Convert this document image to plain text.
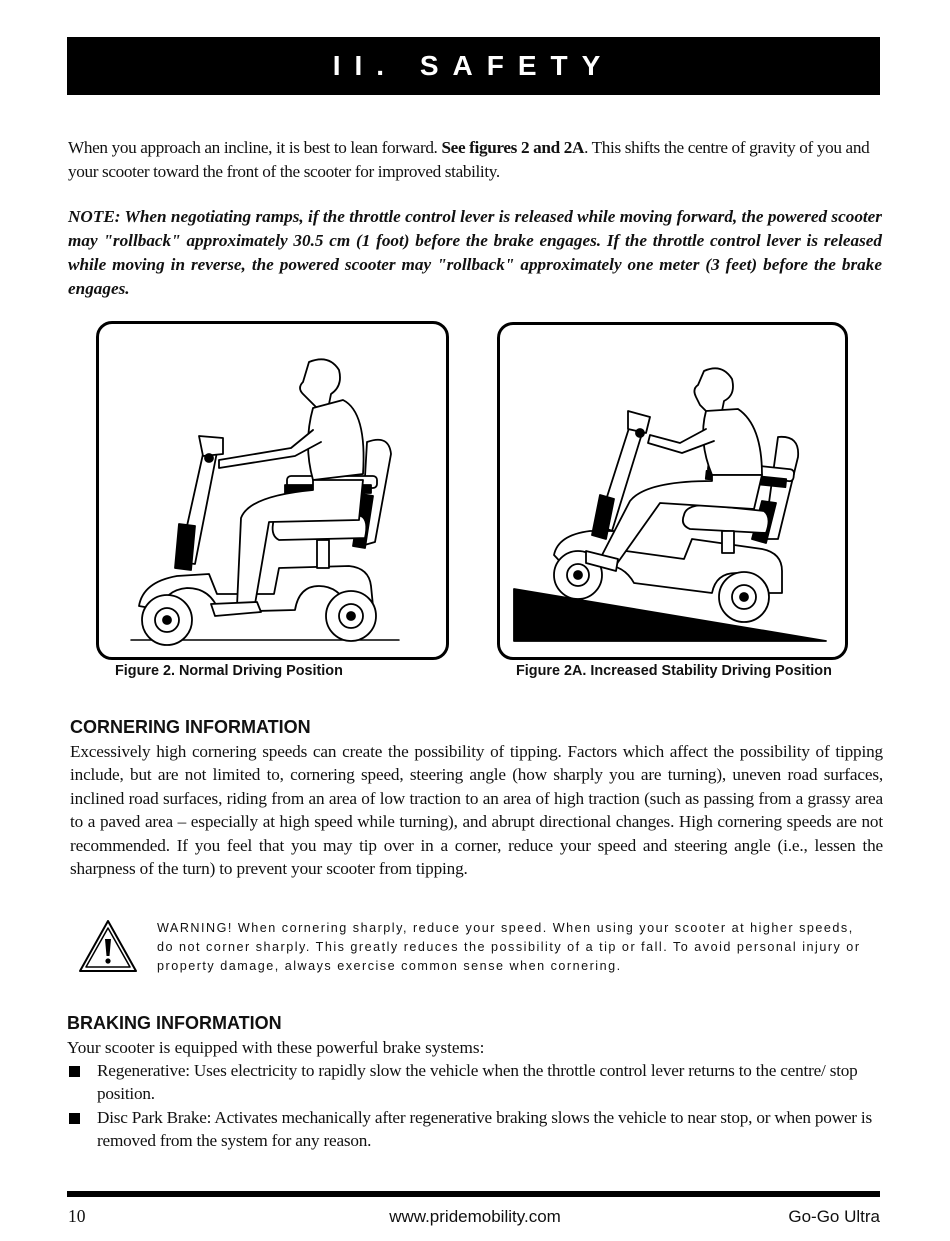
II. SAFETY

When you approach an incline, it is best to lean forward. See figures 2 and 2A. This shifts the centre of gravity of you and your scooter toward the front of the scooter for improved stability.

NOTE: When negotiating ramps, if the throttle control lever is released while moving forward, the powered scooter may "rollback" approximately 30.5 cm (1 foot) before the brake engages. If the throttle control lever is released while moving in reverse, the powered scooter may "rollback" approximately one meter (3 feet) before the brake engages.

Figure 2. Normal Driving Position	Figure 2A. Increased Stability Driving Position
CORNERING INFORMATION

Excessively high cornering speeds can create the possibility of tipping. Factors which affect the possibility of tipping include, but are not limited to, cornering speed, steering angle (how sharply you are turning), uneven road surfaces, inclined road surfaces, riding from an area of low traction to an area of high traction (such as passing from a grassy area to a paved area – especially at high speed while turning), and abrupt directional changes. High cornering speeds are not recommended. If you feel that you may tip over in a corner, reduce your speed and steering angle (i.e., lessen the sharpness of the turn) to prevent your scooter from tipping.

WARNING! When cornering sharply, reduce your speed. When using your scooter at higher speeds, do not corner sharply. This greatly reduces the possibility of a tip or fall. To avoid personal injury or property damage, always exercise common sense when cornering.

BRAKING INFORMATION

Your scooter is equipped with these powerful brake systems:

Regenerative: Uses electricity to rapidly slow the vehicle when the throttle control lever returns to the centre/ stop position.
Disc Park Brake: Activates mechanically after regenerative braking slows the vehicle to near stop, or when power is removed from the system for any reason.
10	www.pridemobility.com	Go-Go Ultra
